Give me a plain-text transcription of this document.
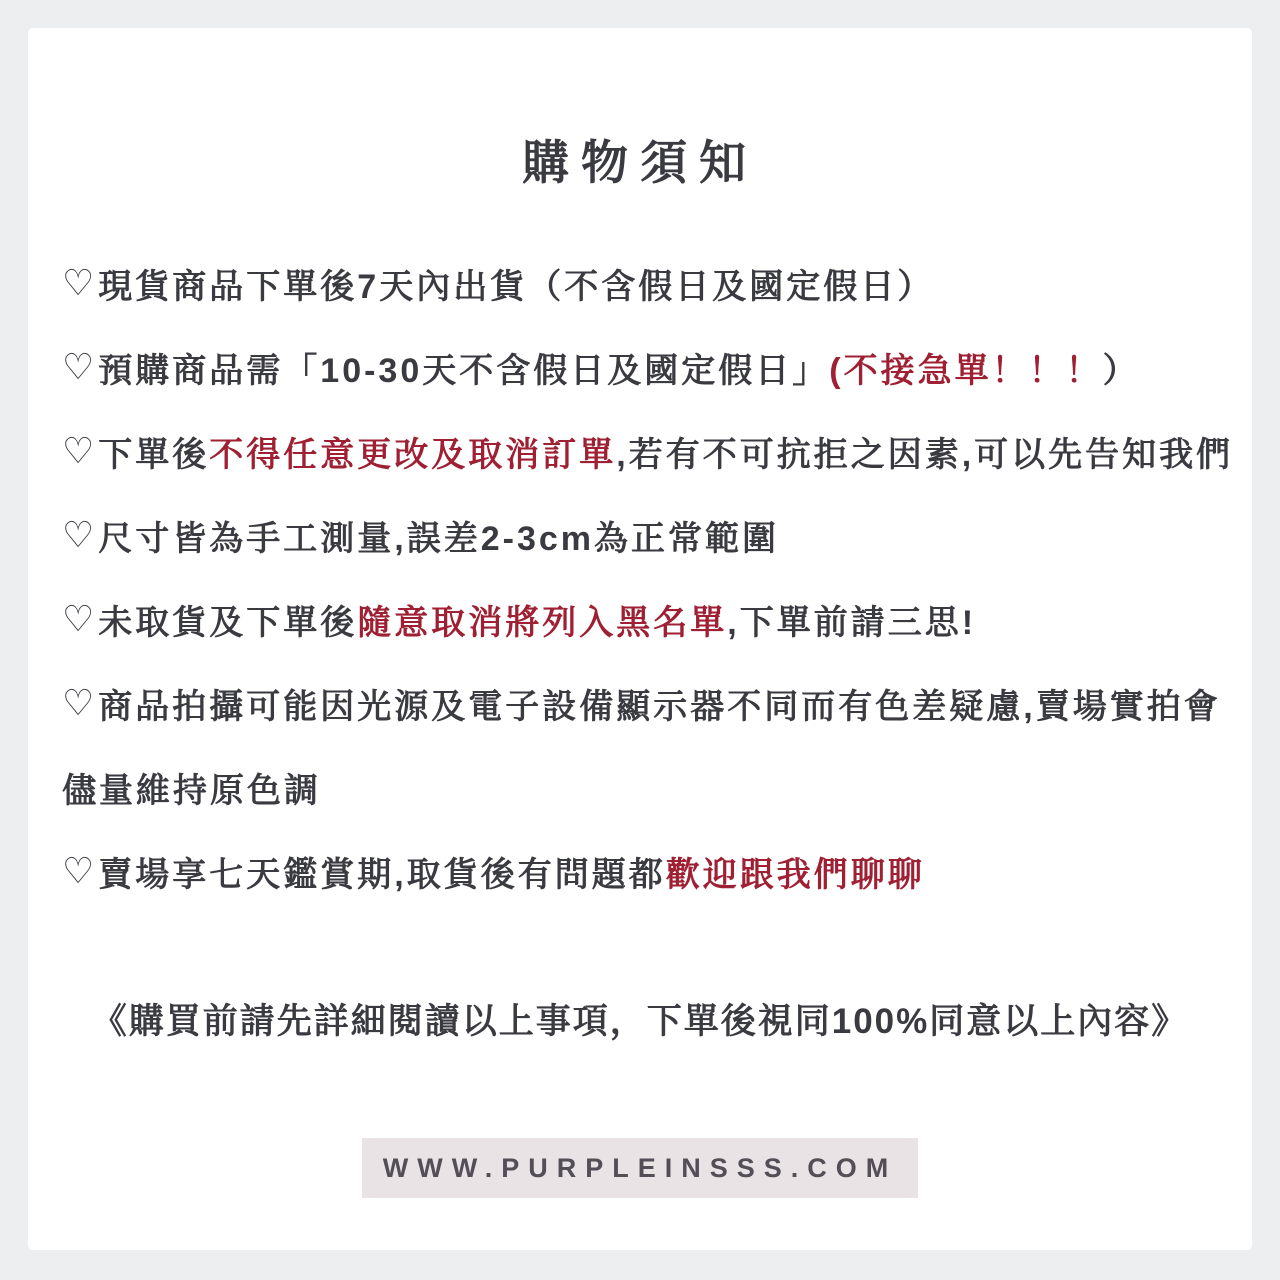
購物須知
♡ 現貨商品下單後7天內出貨（不含假日及國定假日）
♡ 預購商品需「10-30天不含假日及國定假日」 (不接急單！！！ ）
♡ 下單後 不得任意更改及取消訂單 ,若有不可抗拒之因素,可以先告知我們
♡ 尺寸皆為手工測量,誤差2-3cm為正常範圍
♡ 未取貨及下單後 隨意取消將列入黑名單 ,下單前請三思!
♡ 商品拍攝可能因光源及電子設備顯示器不同而有色差疑慮,賣場實拍會
儘量維持原色調
♡ 賣場享七天鑑賞期,取貨後有問題都 歡迎跟我們聊聊

《購買前請先詳細閱讀以上事項，下單後視同100%同意以上內容》

WWW.PURPLEINSSS.COM
